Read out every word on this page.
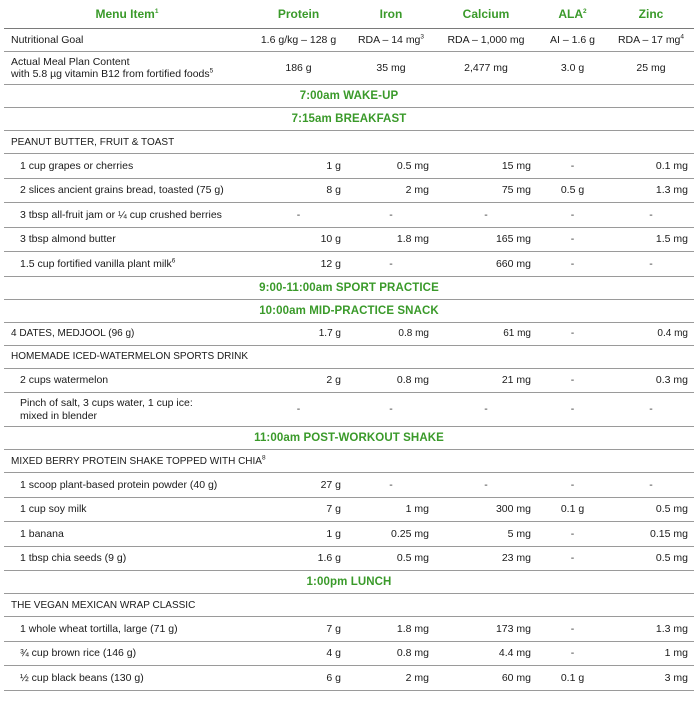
Menu Item$^1$	Protein	Iron	Calcium	ALA$^2$	Zinc
Nutritional Goal	1.6 g/kg – 128 g	RDA – 14 $mg^3$	RDA – 1,000 mg	AI – 1.6 g	RDA – 17 $mg^4$
Actual Meal Plan Content
with 5.8 µg vitamin B12 from fortified foods$^5$	186 g	35 mg	2,477 mg	3.0 g	25 mg
7:00am WAKE-UP					
7:15am BREAKFAST					
PEANUT BUTTER, FRUIT & TOAST					
1 cup grapes or cherries	1 g	0.5 mg	15 mg	-	0.1 mg
2 slices ancient grains bread, toasted (75 g)	8 g	2 mg	75 mg	0.5 g	1.3 mg
3 tbsp all-fruit jam or ¼ cup crushed berries	-	-	-	-	-
3 tbsp almond butter	10 g	1.8 mg	165 mg	-	1.5 mg
1.5 cup fortified vanilla plant milk$^6$	12 g	-	660 mg	-	-
9:00-11:00am SPORT PRACTICE					
10:00am MID-PRACTICE SNACK					
4 DATES, MEDJOOL (96 g)	1.7 g	0.8 mg	61 mg	-	0.4 mg
HOMEMADE ICED-WATERMELON SPORTS DRINK					
2 cups watermelon	2 g	0.8 mg	21 mg	-	0.3 mg
Pinch of salt, 3 cups water, 1 cup ice:
mixed in blender	-	-	-	-	-
11:00am POST-WORKOUT SHAKE					
MIXED BERRY PROTEIN SHAKE TOPPED WITH CHIA$^8$
1 scoop plant-based protein powder (40 g)	27 g	-	-	-	-
1 cup soy milk	7 g	1 mg	300 mg	0.1 g	0.5 mg
1 banana	1 g	0.25 mg	5 mg	-	0.15 mg
1 tbsp chia seeds (9 g)	1.6 g	0.5 mg	23 mg	-	0.5 mg
1:00pm LUNCH					
THE VEGAN MEXICAN WRAP CLASSIC					
1 whole wheat tortilla, large (71 g)	7 g	1.8 mg	173 mg	-	1.3 mg
¾ cup brown rice (146 g)	4 g	0.8 mg	4.4 mg	-	1 mg
½ cup black beans (130 g)	6 g	2 mg	60 mg	0.1 g	3 mg
